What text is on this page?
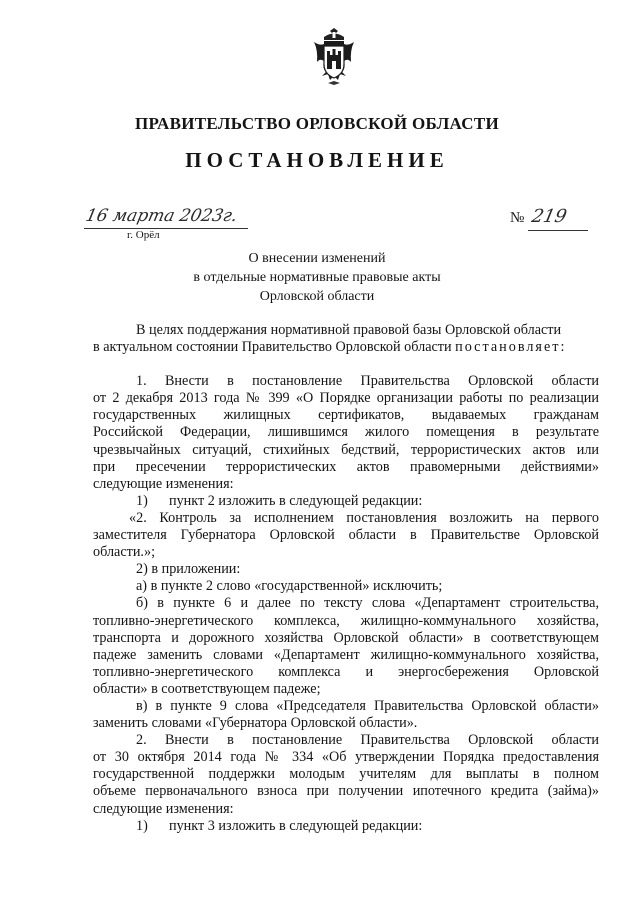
ПРАВИТЕЛЬСТВО ОРЛОВСКОЙ ОБЛАСТИ
ПОСТАНОВЛЕНИЕ
16 марта 2023г.
г. Орёл
№ 219
О внесении изменений
в отдельные нормативные правовые акты
Орловской области
В целях поддержания нормативной правовой базы Орловской области
в актуальном состоянии Правительство Орловской области постановляет:
1. Внести в постановление Правительства Орловской области
от 2 декабря 2013 года № 399 «О Порядке организации работы по реализации
государственных жилищных сертификатов, выдаваемых гражданам
Российской Федерации, лишившимся жилого помещения в результате
чрезвычайных ситуаций, стихийных бедствий, террористических актов или
при пресечении террористических актов правомерными действиями»
следующие изменения:
1) пункт 2 изложить в следующей редакции:
«2. Контроль за исполнением постановления возложить на первого
заместителя Губернатора Орловской области в Правительстве Орловской
области.»;
2) в приложении:
а) в пункте 2 слово «государственной» исключить;
б) в пункте 6 и далее по тексту слова «Департамент строительства,
топливно-энергетического комплекса, жилищно-коммунального хозяйства,
транспорта и дорожного хозяйства Орловской области» в соответствующем
падеже заменить словами «Департамент жилищно-коммунального хозяйства,
топливно-энергетического комплекса и энергосбережения Орловской
области» в соответствующем падеже;
в) в пункте 9 слова «Председателя Правительства Орловской области»
заменить словами «Губернатора Орловской области».
2. Внести в постановление Правительства Орловской области
от 30 октября 2014 года № 334 «Об утверждении Порядка предоставления
государственной поддержки молодым учителям для выплаты в полном
объеме первоначального взноса при получении ипотечного кредита (займа)»
следующие изменения:
1) пункт 3 изложить в следующей редакции:
